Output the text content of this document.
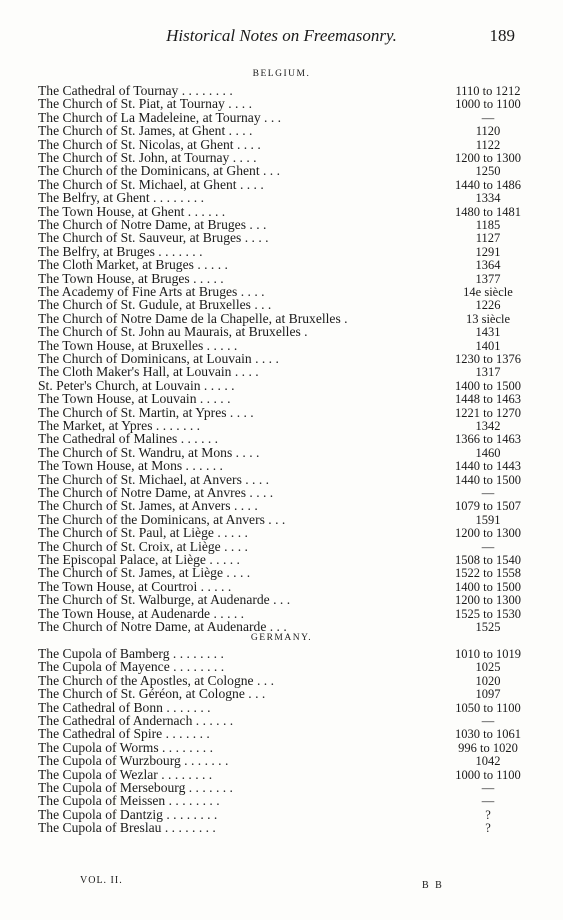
Historical Notes on Freemasonry.	189
BELGIUM.
The Cathedral of Tournay . . . . . . . .	1110 to 1212
The Church of St. Piat, at Tournay . . . .	1000 to 1100
The Church of La Madeleine, at Tournay . . .	—
The Church of St. James, at Ghent . . . .	1120
The Church of St. Nicolas, at Ghent . . . .	1122
The Church of St. John, at Tournay . . . .	1200 to 1300
The Church of the Dominicans, at Ghent . . .	1250
The Church of St. Michael, at Ghent . . . .	1440 to 1486
The Belfry, at Ghent . . . . . . . .	1334
The Town House, at Ghent . . . . . .	1480 to 1481
The Church of Notre Dame, at Bruges . . .	1185
The Church of St. Sauveur, at Bruges . . . .	1127
The Belfry, at Bruges . . . . . . .	1291
The Cloth Market, at Bruges . . . . .	1364
The Town House, at Bruges . . . . .	1377
The Academy of Fine Arts at Bruges . . . .	14e siècle
The Church of St. Gudule, at Bruxelles . . .	1226
The Church of Notre Dame de la Chapelle, at Bruxelles .	13 siècle
The Church of St. John au Maurais, at Bruxelles .	1431
The Town House, at Bruxelles . . . . .	1401
The Church of Dominicans, at Louvain . . . .	1230 to 1376
The Cloth Maker's Hall, at Louvain . . . .	1317
St. Peter's Church, at Louvain . . . . .	1400 to 1500
The Town House, at Louvain . . . . .	1448 to 1463
The Church of St. Martin, at Ypres . . . .	1221 to 1270
The Market, at Ypres . . . . . . .	1342
The Cathedral of Malines . . . . . .	1366 to 1463
The Church of St. Wandru, at Mons . . . .	1460
The Town House, at Mons . . . . . .	1440 to 1443
The Church of St. Michael, at Anvers . . . .	1440 to 1500
The Church of Notre Dame, at Anvres . . . .	—
The Church of St. James, at Anvers . . . .	1079 to 1507
The Church of the Dominicans, at Anvers . . .	1591
The Church of St. Paul, at Liège . . . . .	1200 to 1300
The Church of St. Croix, at Liège . . . .	—
The Episcopal Palace, at Liège . . . . .	1508 to 1540
The Church of St. James, at Liège . . . .	1522 to 1558
The Town House, at Courtroi . . . . .	1400 to 1500
The Church of St. Walburge, at Audenarde . . .	1200 to 1300
The Town House, at Audenarde . . . . .	1525 to 1530
The Church of Notre Dame, at Audenarde . . .	1525
GERMANY.
The Cupola of Bamberg . . . . . . . .	1010 to 1019
The Cupola of Mayence . . . . . . . .	1025
The Church of the Apostles, at Cologne . . .	1020
The Church of St. Géréon, at Cologne . . .	1097
The Cathedral of Bonn . . . . . . .	1050 to 1100
The Cathedral of Andernach . . . . . .	—
The Cathedral of Spire . . . . . . .	1030 to 1061
The Cupola of Worms . . . . . . . .	996 to 1020
The Cupola of Wurzbourg . . . . . . .	1042
The Cupola of Wezlar . . . . . . . .	1000 to 1100
The Cupola of Mersebourg . . . . . . .	—
The Cupola of Meissen . . . . . . . .	—
The Cupola of Dantzig . . . . . . . .	?
The Cupola of Breslau . . . . . . . .	?
VOL. II.	B B
